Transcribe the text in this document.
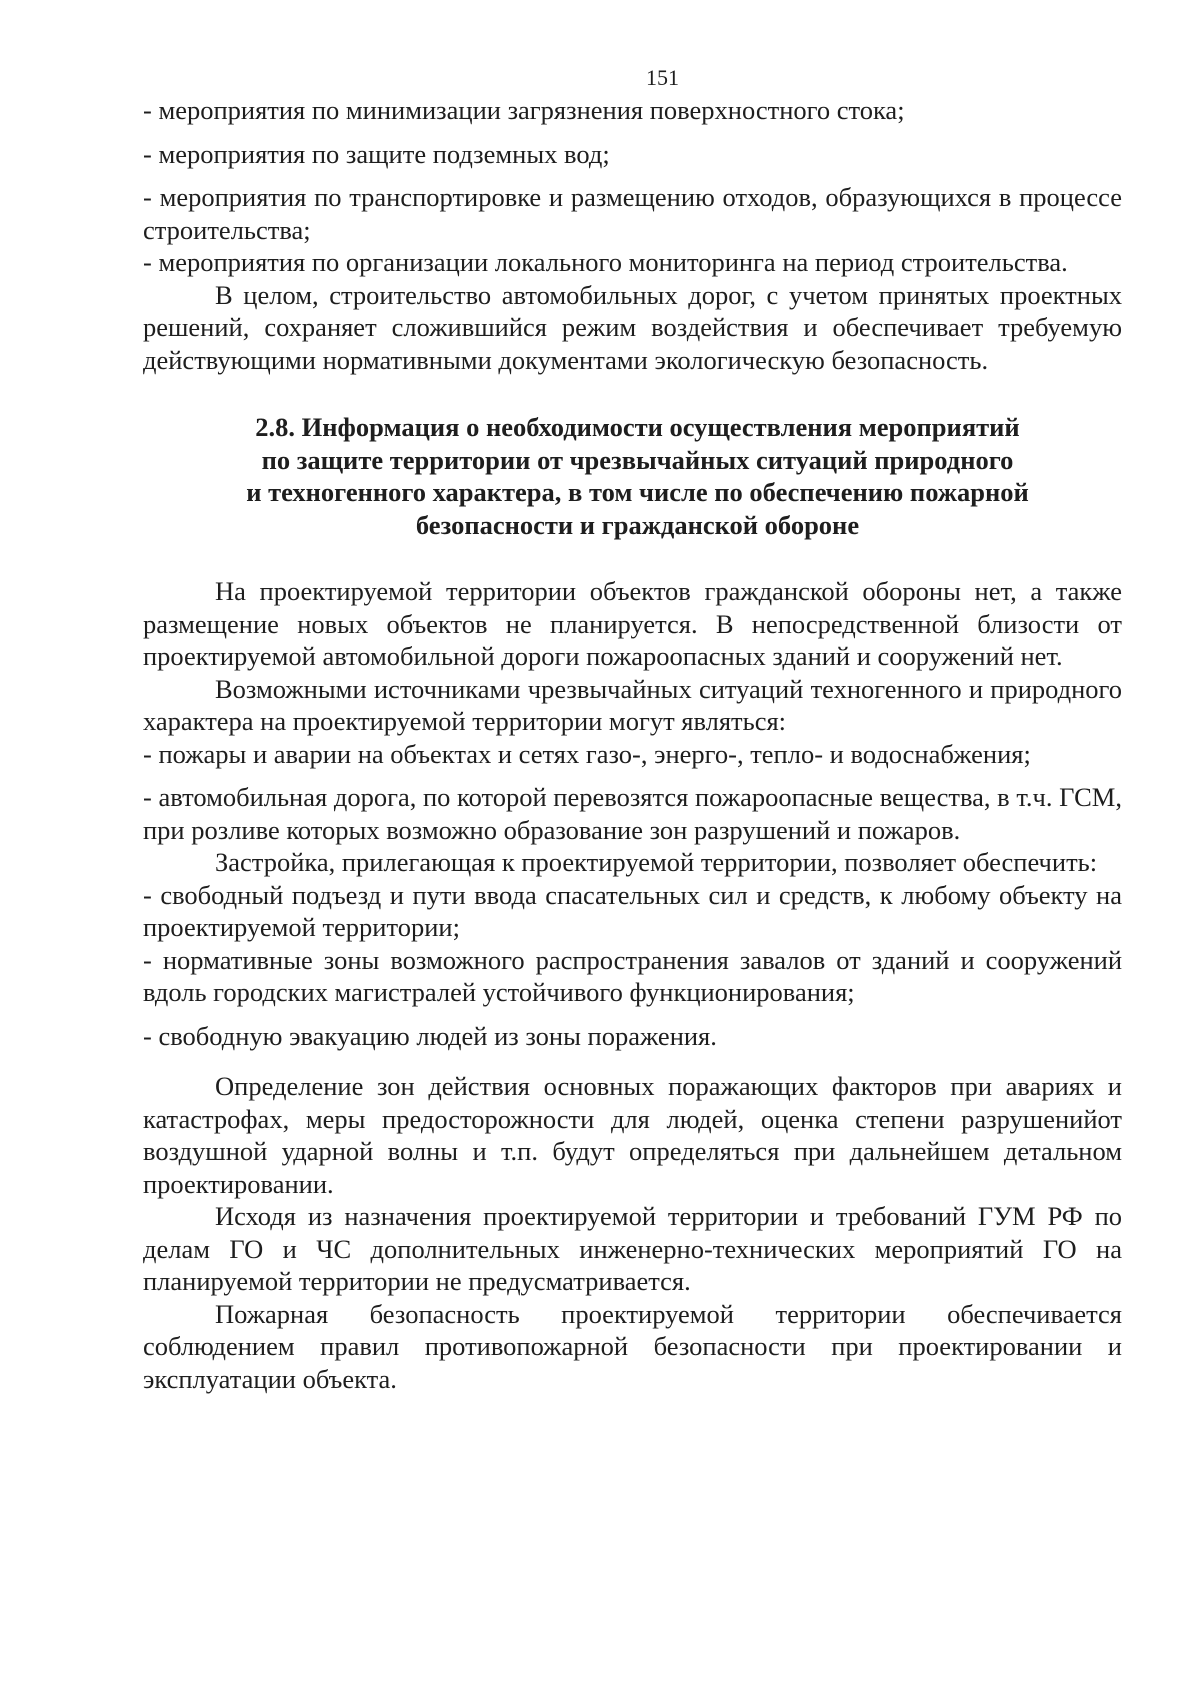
151

- мероприятия по минимизации загрязнения поверхностного стока;

- мероприятия по защите подземных вод;

- мероприятия по транспортировке и размещению отходов, образующихся в процессе строительства;

- мероприятия по организации локального мониторинга на период строительства.

В целом, строительство автомобильных дорог, с учетом принятых проектных решений, сохраняет сложившийся режим воздействия и обеспечивает требуемую действующими нормативными документами экологическую безопасность.

2.8. Информация о необходимости осуществления мероприятий
по защите территории от чрезвычайных ситуаций природного
и техногенного характера, в том числе по обеспечению пожарной
безопасности и гражданской обороне

На проектируемой территории объектов гражданской обороны нет, а также размещение новых объектов не планируется. В непосредственной близости от проектируемой автомобильной дороги пожароопасных зданий и сооружений нет.

Возможными источниками чрезвычайных ситуаций техногенного и природного характера на проектируемой территории могут являться:

- пожары и аварии на объектах и сетях газо-, энерго-, тепло- и водоснабжения;

- автомобильная дорога, по которой перевозятся пожароопасные вещества, в т.ч. ГСМ, при розливе которых возможно образование зон разрушений и пожаров.

Застройка, прилегающая к проектируемой территории, позволяет обеспечить:

- свободный подъезд и пути ввода спасательных сил и средств, к любому объекту на проектируемой территории;

- нормативные зоны возможного распространения завалов от зданий и сооружений вдоль городских магистралей устойчивого функционирования;

- свободную эвакуацию людей из зоны поражения.

Определение зон действия основных поражающих факторов при авариях и катастрофах, меры предосторожности для людей, оценка степени разрушенийот воздушной ударной волны и т.п. будут определяться при дальнейшем детальном проектировании.

Исходя из назначения проектируемой территории и требований ГУМ РФ по делам ГО и ЧС дополнительных инженерно-технических мероприятий ГО на планируемой территории не предусматривается.

Пожарная безопасность проектируемой территории обеспечивается соблюдением правил противопожарной безопасности при проектировании и эксплуатации объекта.
